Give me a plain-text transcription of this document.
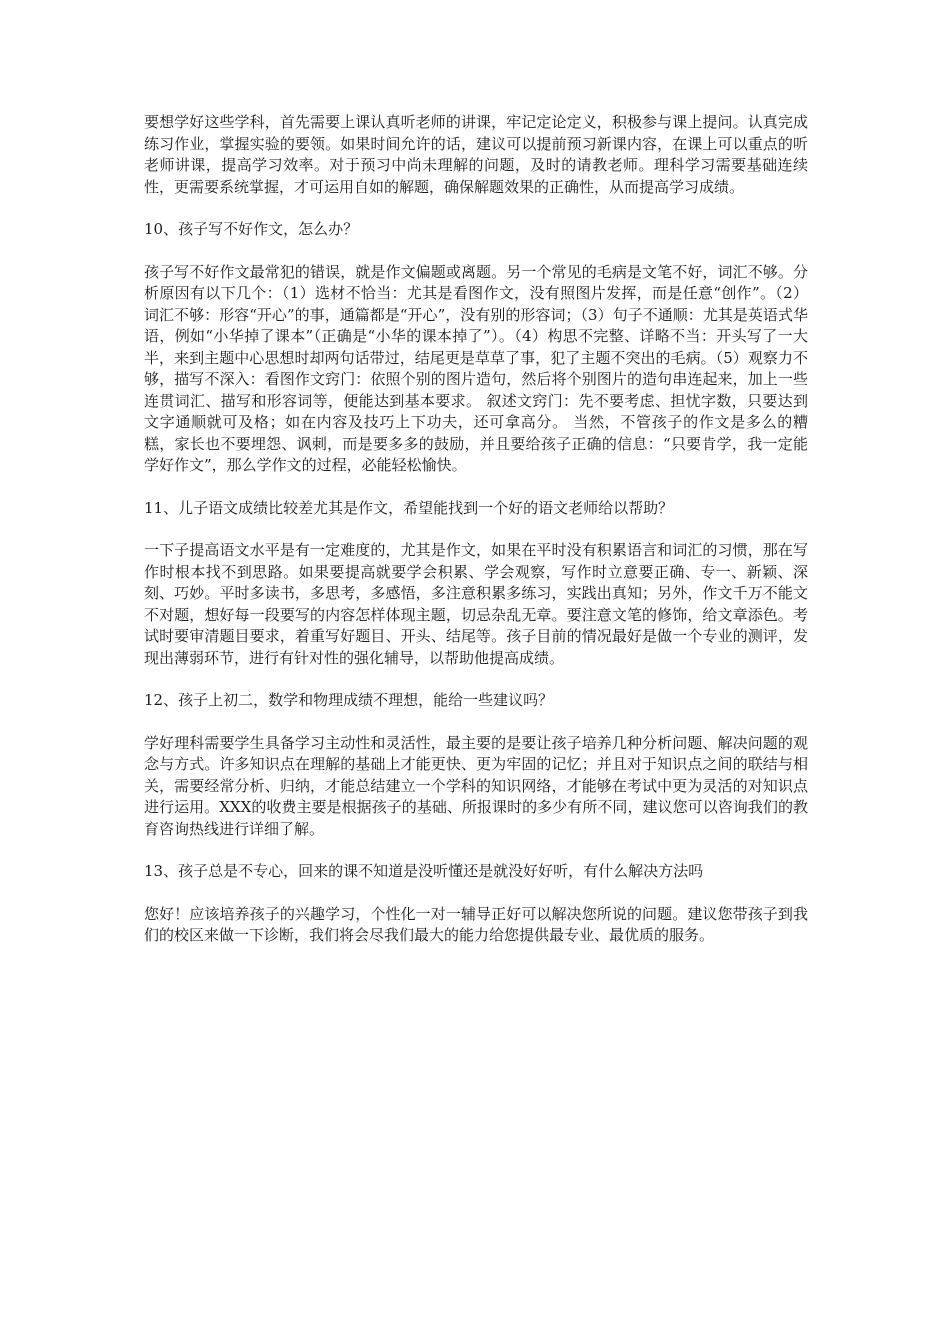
要想学好这些学科，首先需要上课认真听老师的讲课，牢记定论定义，积极参与课上提问。认真完成练习作业，掌握实验的要领。如果时间允许的话，建议可以提前预习新课内容，在课上可以重点的听老师讲课，提高学习效率。对于预习中尚未理解的问题，及时的请教老师。理科学习需要基础连续性，更需要系统掌握，才可运用自如的解题，确保解题效果的正确性，从而提高学习成绩。

10、孩子写不好作文，怎么办？

孩子写不好作文最常犯的错误，就是作文偏题或离题。另一个常见的毛病是文笔不好，词汇不够。分析原因有以下几个：（1）选材不恰当：尤其是看图作文，没有照图片发挥，而是任意“创作”。（2）词汇不够：形容“开心”的事，通篇都是“开心”，没有别的形容词；（3）句子不通顺：尤其是英语式华语，例如“小华掉了课本”（正确是“小华的课本掉了”）。（4）构思不完整、详略不当：开头写了一大半，来到主题中心思想时却两句话带过，结尾更是草草了事，犯了主题不突出的毛病。（5）观察力不够，描写不深入：看图作文窍门：依照个别的图片造句，然后将个别图片的造句串连起来，加上一些连贯词汇、描写和形容词等，便能达到基本要求。 叙述文窍门：先不要考虑、担忧字数，只要达到文字通顺就可及格；如在内容及技巧上下功夫，还可拿高分。 当然，不管孩子的作文是多么的糟糕，家长也不要埋怨、讽刺，而是要多多的鼓励，并且要给孩子正确的信息：“只要肯学，我一定能学好作文”，那么学作文的过程，必能轻松愉快。

11、儿子语文成绩比较差尤其是作文，希望能找到一个好的语文老师给以帮助？

一下子提高语文水平是有一定难度的，尤其是作文，如果在平时没有积累语言和词汇的习惯，那在写作时根本找不到思路。如果要提高就要学会积累、学会观察，写作时立意要正确、专一、新颖、深刻、巧妙。平时多读书，多思考，多感悟，多注意积累多练习，实践出真知；另外，作文千万不能文不对题，想好每一段要写的内容怎样体现主题，切忌杂乱无章。要注意文笔的修饰，给文章添色。考试时要审清题目要求，着重写好题目、开头、结尾等。孩子目前的情况最好是做一个专业的测评，发现出薄弱环节，进行有针对性的强化辅导，以帮助他提高成绩。

12、孩子上初二，数学和物理成绩不理想，能给一些建议吗？

学好理科需要学生具备学习主动性和灵活性，最主要的是要让孩子培养几种分析问题、解决问题的观念与方式。许多知识点在理解的基础上才能更快、更为牢固的记忆；并且对于知识点之间的联结与相关，需要经常分析、归纳，才能总结建立一个学科的知识网络，才能够在考试中更为灵活的对知识点进行运用。XXX的收费主要是根据孩子的基础、所报课时的多少有所不同，建议您可以咨询我们的教育咨询热线进行详细了解。

13、孩子总是不专心，回来的课不知道是没听懂还是就没好好听，有什么解决方法吗

您好！应该培养孩子的兴趣学习，个性化一对一辅导正好可以解决您所说的问题。建议您带孩子到我们的校区来做一下诊断，我们将会尽我们最大的能力给您提供最专业、最优质的服务。
